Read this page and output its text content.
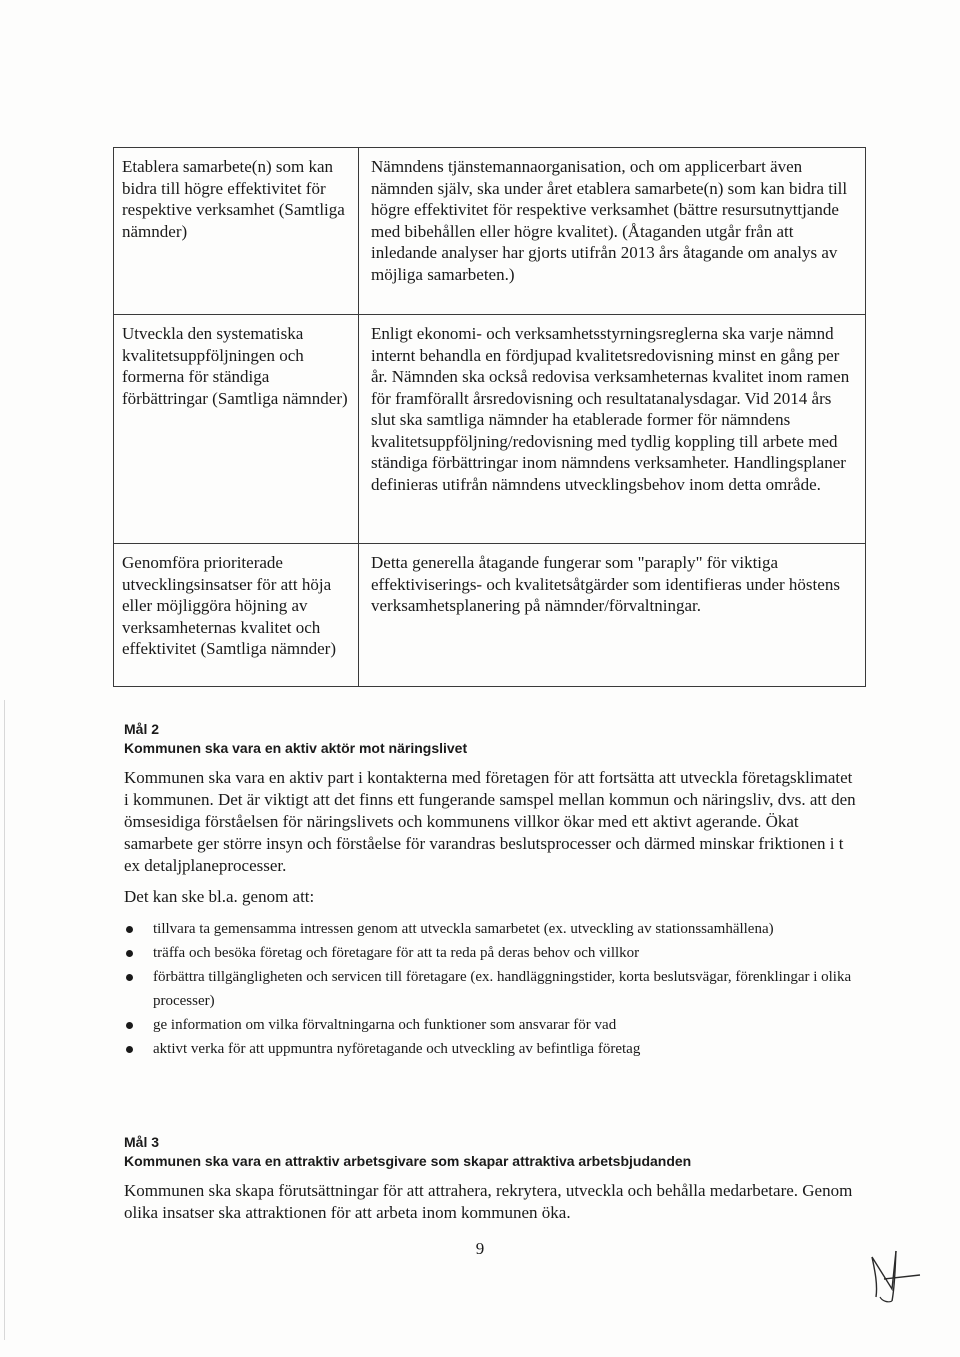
Etablera samarbete(n) som kan bidra till högre effektivitet för respektive verksamhet (Samtliga nämnder)	Nämndens tjänstemannaorganisation, och om applicerbart även nämnden själv, ska under året etablera samarbete(n) som kan bidra till högre effektivitet för respektive verksamhet (bättre resursutnyttjande med bibehållen eller högre kvalitet). (Åtaganden utgår från att inledande analyser har gjorts utifrån 2013 års åtagande om analys av möjliga samarbeten.)
Utveckla den systematiska kvalitetsuppföljningen och formerna för ständiga förbättringar (Samtliga nämnder)	Enligt ekonomi- och verksamhetsstyrningsreglerna ska varje nämnd internt behandla en fördjupad kvalitetsredovisning minst en gång per år. Nämnden ska också redovisa verksamheternas kvalitet inom ramen för framförallt årsredovisning och resultatanalysdagar. Vid 2014 års slut ska samtliga nämnder ha etablerade former för nämndens kvalitetsuppföljning/redovisning med tydlig koppling till arbete med ständiga förbättringar inom nämndens verksamheter. Handlingsplaner definieras utifrån nämndens utvecklingsbehov inom detta område.
Genomföra prioriterade utvecklingsinsatser för att höja eller möjliggöra höjning av verksamheternas kvalitet och effektivitet (Samtliga nämnder)	Detta generella åtagande fungerar som "paraply" för viktiga effektiviserings- och kvalitetsåtgärder som identifieras under höstens verksamhetsplanering på nämnder/förvaltningar.

Mål 2

Kommunen ska vara en aktiv aktör mot näringslivet

Kommunen ska vara en aktiv part i kontakterna med företagen för att fortsätta att utveckla företagsklimatet i kommunen. Det är viktigt att det finns ett fungerande samspel mellan kommun och näringsliv, dvs. att den ömsesidiga förståelsen för näringslivets och kommunens villkor ökar med ett aktivt agerande. Ökat samarbete ger större insyn och förståelse för varandras beslutsprocesser och därmed minskar friktionen i t ex detaljplaneprocesser.

Det kan ske bl.a. genom att:

tillvara ta gemensamma intressen genom att utveckla samarbetet (ex. utveckling av stationssamhällena)
träffa och besöka företag och företagare för att ta reda på deras behov och villkor
förbättra tillgängligheten och servicen till företagare (ex. handläggningstider, korta beslutsvägar, förenklingar i olika processer)
ge information om vilka förvaltningarna och funktioner som ansvarar för vad
aktivt verka för att uppmuntra nyföretagande och utveckling av befintliga företag

Mål 3

Kommunen ska vara en attraktiv arbetsgivare som skapar attraktiva arbetsbjudanden

Kommunen ska skapa förutsättningar för att attrahera, rekrytera, utveckla och behålla medarbetare. Genom olika insatser ska attraktionen för att arbeta inom kommunen öka.

9
